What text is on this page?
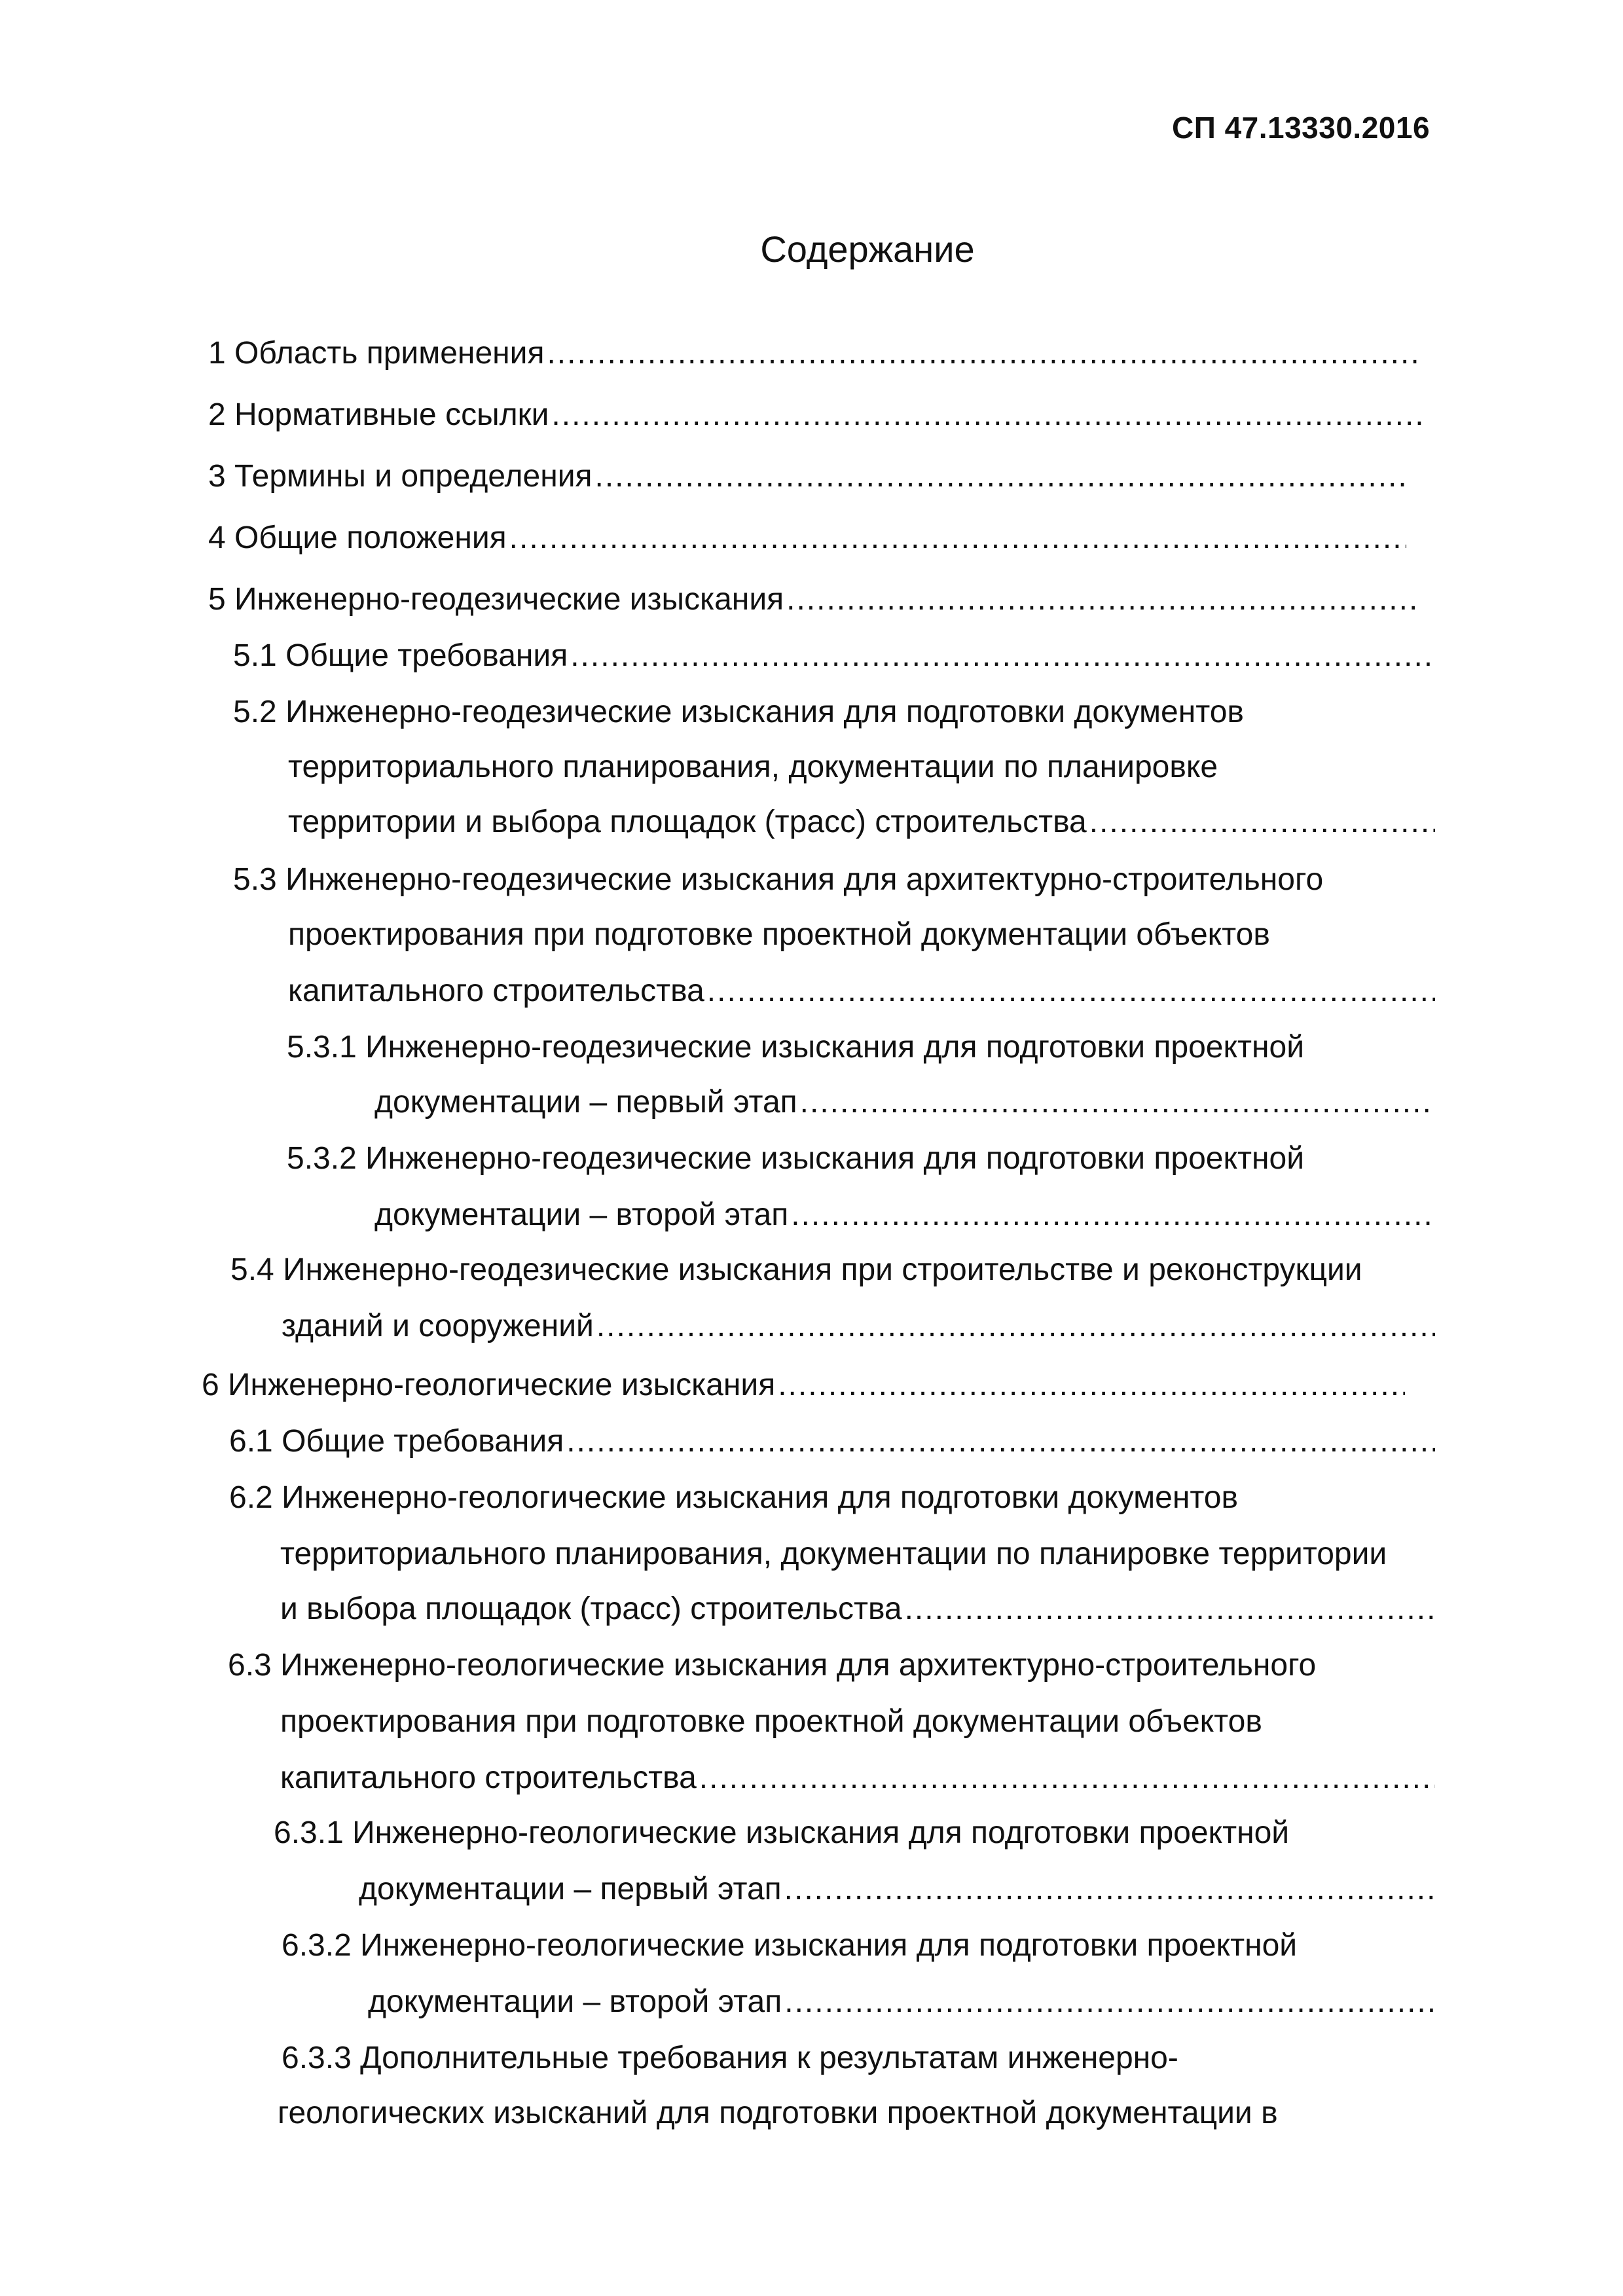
СП 47.13330.2016
Содержание
1 Область применения
.....
2 Нормативные ссылки
.....
3 Термины и определения
.....
4 Общие положения
.....
5 Инженерно-геодезические изыскания
.....
5.1 Общие требования
.....
5.2 Инженерно-геодезические изыскания для подготовки документов
территориального планирования, документации по планировке
территории и выбора площадок (трасс) строительства
.....
5.3 Инженерно-геодезические изыскания для архитектурно-строительного
проектирования при подготовке проектной документации объектов
капитального строительства
.....
5.3.1 Инженерно-геодезические изыскания для подготовки проектной
документации – первый этап
.....
5.3.2 Инженерно-геодезические изыскания для подготовки проектной
документации – второй этап
.....
5.4 Инженерно-геодезические изыскания при строительстве и реконструкции
зданий и сооружений
.....
6 Инженерно-геологические изыскания
.....
6.1 Общие требования
.....
6.2 Инженерно-геологические изыскания для подготовки документов
территориального планирования, документации по планировке территории
и выбора площадок (трасс) строительства
.....
6.3 Инженерно-геологические изыскания для архитектурно-строительного
проектирования при подготовке проектной документации объектов
капитального строительства
.....
6.3.1 Инженерно-геологические изыскания для подготовки проектной
документации – первый этап
.....
6.3.2 Инженерно-геологические изыскания для подготовки проектной
документации – второй этап
.....
6.3.3 Дополнительные требования к результатам инженерно-
геологических изысканий для подготовки проектной документации в
